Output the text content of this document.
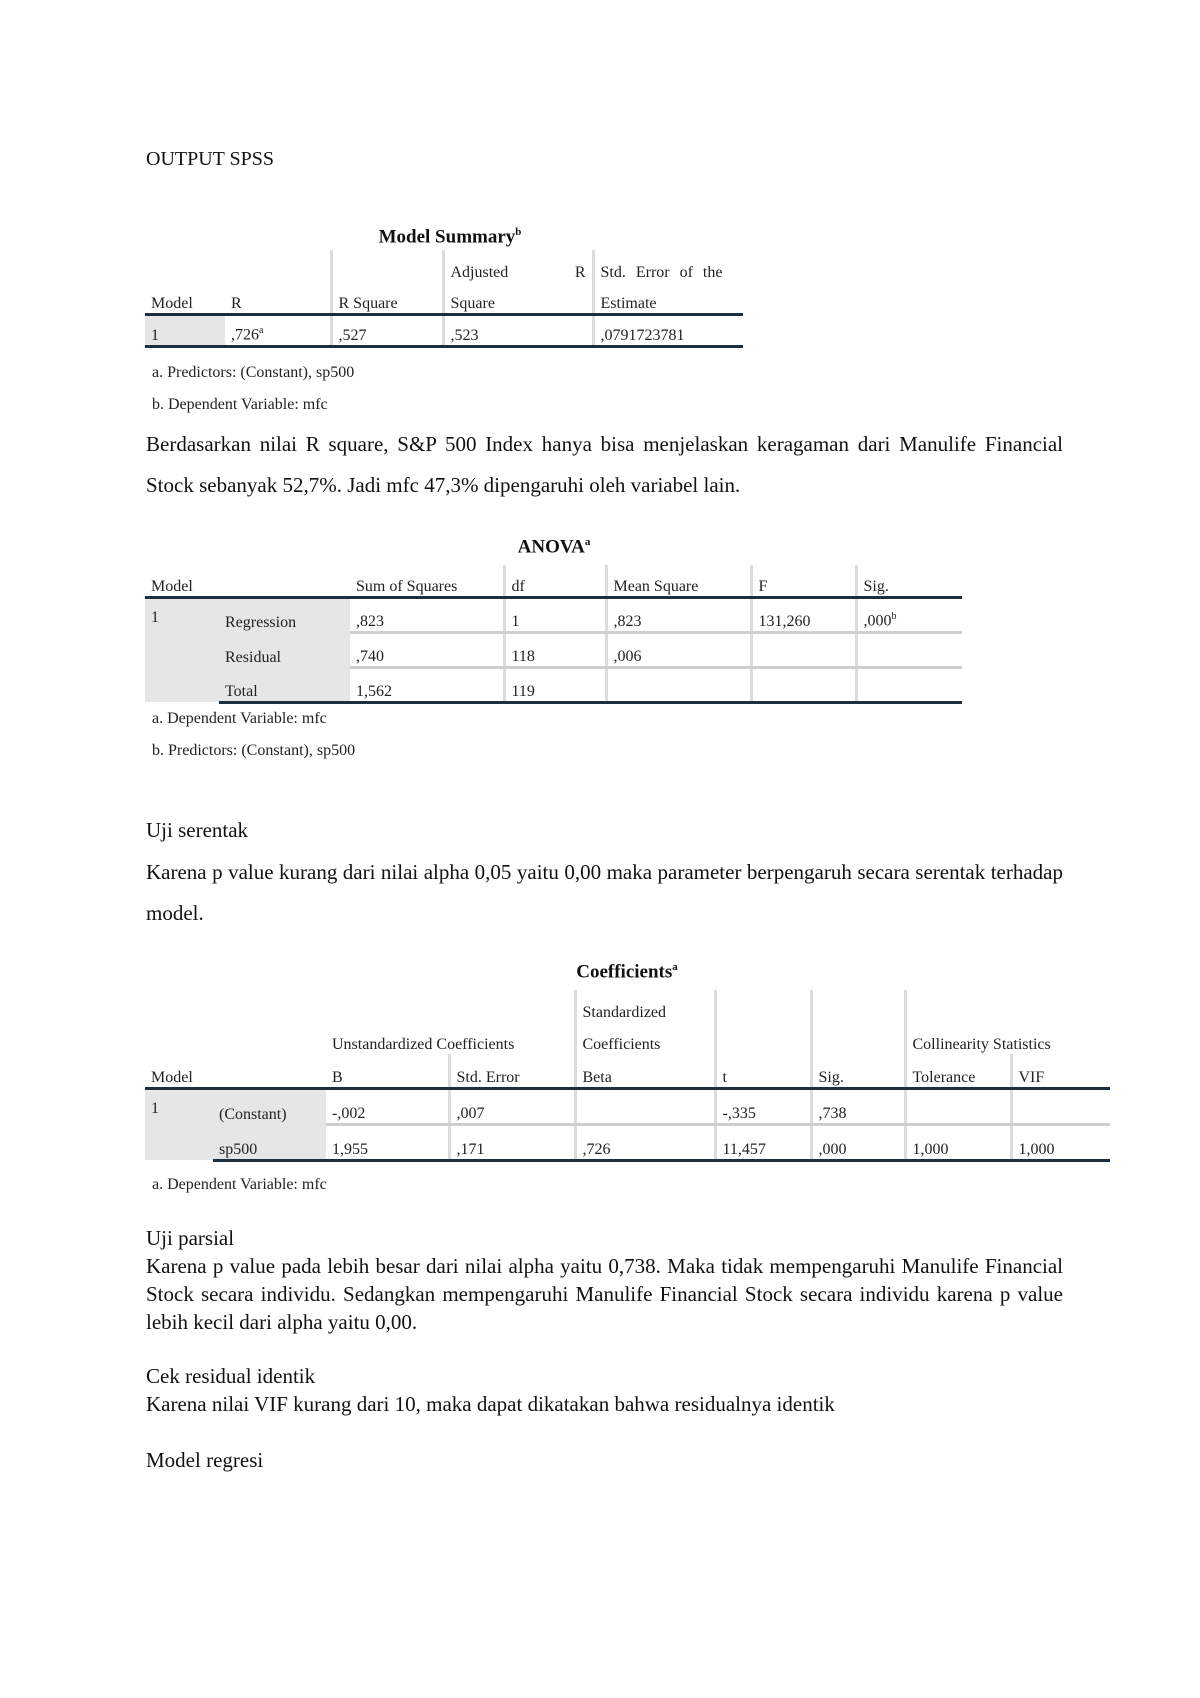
OUTPUT SPSS
Model Summary$^b$
			Adjusted R	Std. Error of the
Model	R	R Square	Square	Estimate
1	,726$^a$	,527	,523	,0791723781
a. Predictors: (Constant), sp500
b. Dependent Variable: mfc
Berdasarkan nilai R square, S&P 500 Index hanya bisa menjelaskan keragaman dari Manulife Financial Stock sebanyak 52,7%. Jadi mfc 47,3% dipengaruhi oleh variabel lain.
ANOVA$^a$
Model		Sum of Squares	df	Mean Square	F	Sig.
1	Regression	,823	1	,823	131,260	,000$^b$
	Residual	,740	118	,006		
	Total	1,562	119			
a. Dependent Variable: mfc
b. Predictors: (Constant), sp500
Uji serentak
Karena p value kurang dari nilai alpha 0,05 yaitu 0,00 maka parameter berpengaruh secara serentak terhadap model.
Coefficients$^a$
				Standardized				
		Unstandardized Coefficients		Coefficients			Collinearity Statistics	
Model		B	Std. Error	Beta	t	Sig.	Tolerance	VIF
1	(Constant)	-,002	,007		-,335	,738		
	sp500	1,955	,171	,726	11,457	,000	1,000	1,000
a. Dependent Variable: mfc
Uji parsial
Karena p value pada lebih besar dari nilai alpha yaitu 0,738. Maka tidak mempengaruhi Manulife Financial Stock secara individu. Sedangkan mempengaruhi Manulife Financial Stock secara individu karena p value lebih kecil dari alpha yaitu 0,00.
Cek residual identik
Karena nilai VIF kurang dari 10, maka dapat dikatakan bahwa residualnya identik
Model regresi
